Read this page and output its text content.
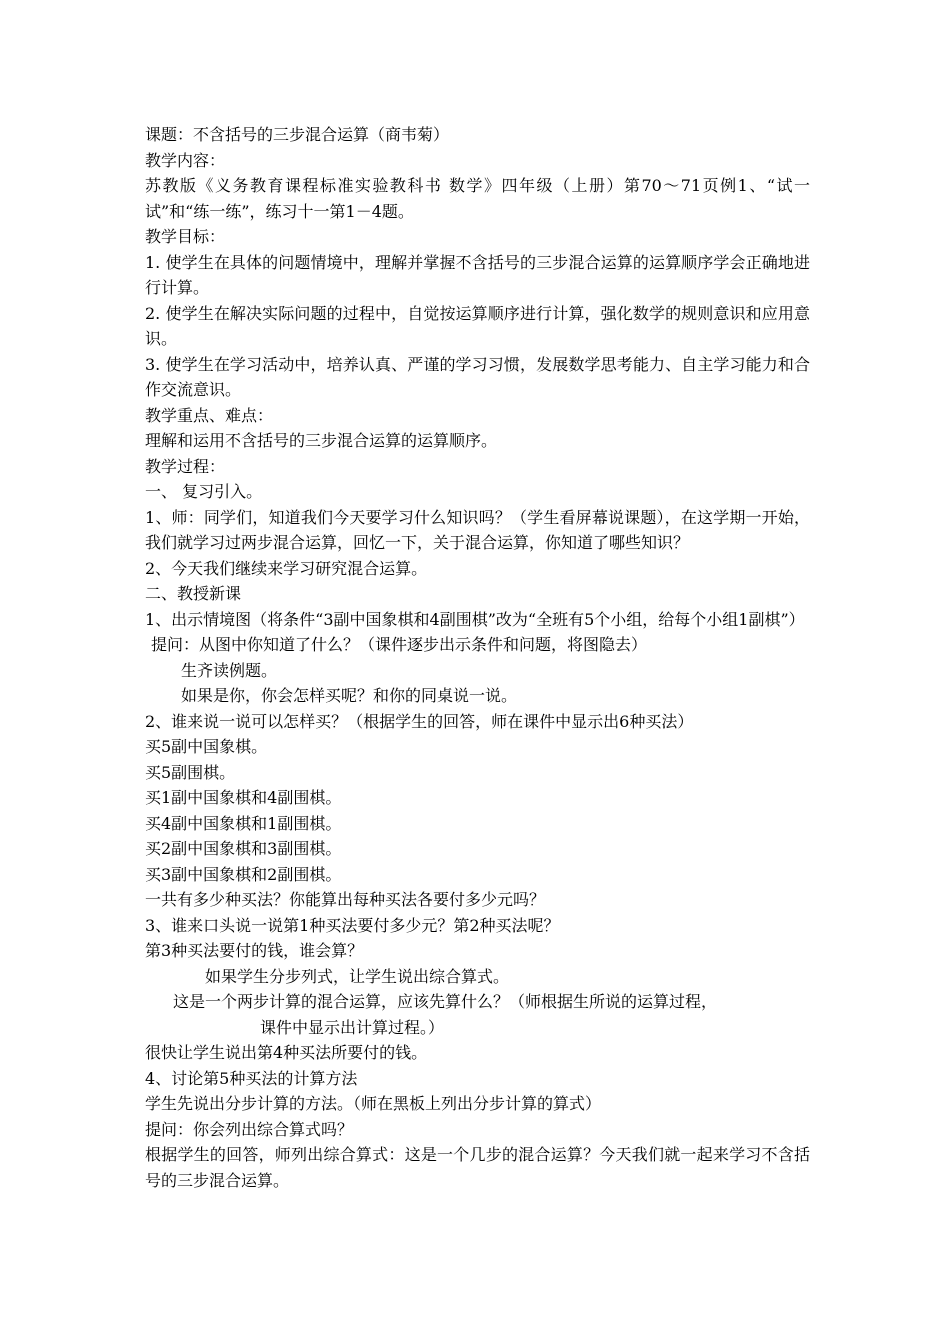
课题：不含括号的三步混合运算（商韦菊）

教学内容：

苏教版《义务教育课程标准实验教科书 数学》四年级（上册）第70～71页例1、“试一试”和“练一练”，练习十一第1－4题。

教学目标：

1. 使学生在具体的问题情境中，理解并掌握不含括号的三步混合运算的运算顺序学会正确地进行计算。

2. 使学生在解决实际问题的过程中，自觉按运算顺序进行计算，强化数学的规则意识和应用意识。

3. 使学生在学习活动中，培养认真、严谨的学习习惯，发展数学思考能力、自主学习能力和合作交流意识。

教学重点、难点：

理解和运用不含括号的三步混合运算的运算顺序。

教学过程：

一、 复习引入。

1、师：同学们，知道我们今天要学习什么知识吗？（学生看屏幕说课题），在这学期一开始，我们就学习过两步混合运算，回忆一下，关于混合运算，你知道了哪些知识？

2、今天我们继续来学习研究混合运算。

二、教授新课

1、出示情境图（将条件“3副中国象棋和4副围棋”改为“全班有5个小组，给每个小组1副棋”）

提问：从图中你知道了什么？（课件逐步出示条件和问题，将图隐去）

生齐读例题。

如果是你，你会怎样买呢？和你的同桌说一说。

2、谁来说一说可以怎样买？（根据学生的回答，师在课件中显示出6种买法）

买5副中国象棋。

买5副围棋。

买1副中国象棋和4副围棋。

买4副中国象棋和1副围棋。

买2副中国象棋和3副围棋。

买3副中国象棋和2副围棋。

一共有多少种买法？你能算出每种买法各要付多少元吗？

3、谁来口头说一说第1种买法要付多少元？第2种买法呢？

第3种买法要付的钱，谁会算？

如果学生分步列式，让学生说出综合算式。

这是一个两步计算的混合运算，应该先算什么？（师根据生所说的运算过程，

课件中显示出计算过程。）

很快让学生说出第4种买法所要付的钱。

4、讨论第5种买法的计算方法

学生先说出分步计算的方法。（师在黑板上列出分步计算的算式）

提问：你会列出综合算式吗？

根据学生的回答，师列出综合算式：这是一个几步的混合运算？今天我们就一起来学习不含括号的三步混合运算。
